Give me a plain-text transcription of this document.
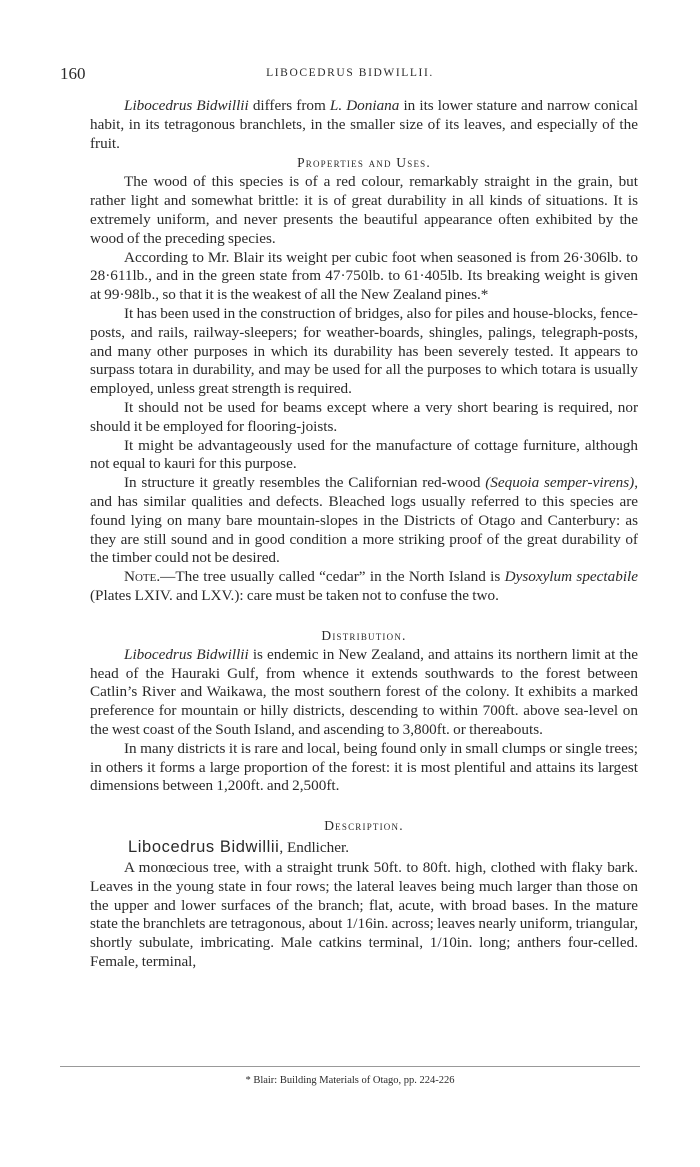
160	LIBOCEDRUS BIDWILLII.

Libocedrus Bidwillii differs from L. Doniana in its lower stature and narrow conical habit, in its tetragonous branchlets, in the smaller size of its leaves, and especially of the fruit.

Properties and Uses.

The wood of this species is of a red colour, remarkably straight in the grain, but rather light and somewhat brittle: it is of great durability in all kinds of situations. It is extremely uniform, and never presents the beautiful appearance often exhibited by the wood of the preceding species.

According to Mr. Blair its weight per cubic foot when seasoned is from 26·306lb. to 28·611lb., and in the green state from 47·750lb. to 61·405lb. Its breaking weight is given at 99·98lb., so that it is the weakest of all the New Zealand pines.*

It has been used in the construction of bridges, also for piles and house-blocks, fence-posts, and rails, railway-sleepers; for weather-boards, shingles, palings, telegraph-posts, and many other purposes in which its durability has been severely tested. It appears to surpass totara in durability, and may be used for all the purposes to which totara is usually employed, unless great strength is required.

It should not be used for beams except where a very short bearing is required, nor should it be employed for flooring-joists.

It might be advantageously used for the manufacture of cottage furniture, although not equal to kauri for this purpose.

In structure it greatly resembles the Californian red-wood (Sequoia semper-virens), and has similar qualities and defects. Bleached logs usually referred to this species are found lying on many bare mountain-slopes in the Districts of Otago and Canterbury: as they are still sound and in good condition a more striking proof of the great durability of the timber could not be desired.

Note.—The tree usually called “cedar” in the North Island is Dysoxylum spectabile (Plates LXIV. and LXV.): care must be taken not to confuse the two.

Distribution.

Libocedrus Bidwillii is endemic in New Zealand, and attains its northern limit at the head of the Hauraki Gulf, from whence it extends southwards to the forest between Catlin’s River and Waikawa, the most southern forest of the colony. It exhibits a marked preference for mountain or hilly districts, descending to within 700ft. above sea-level on the west coast of the South Island, and ascending to 3,800ft. or thereabouts.

In many districts it is rare and local, being found only in small clumps or single trees; in others it forms a large proportion of the forest: it is most plentiful and attains its largest dimensions between 1,200ft. and 2,500ft.

Description.

Libocedrus Bidwillii, Endlicher.

A monœcious tree, with a straight trunk 50ft. to 80ft. high, clothed with flaky bark. Leaves in the young state in four rows; the lateral leaves being much larger than those on the upper and lower surfaces of the branch; flat, acute, with broad bases. In the mature state the branchlets are tetragonous, about 1/16in. across; leaves nearly uniform, triangular, shortly subulate, imbricating. Male catkins terminal, 1/10in. long; anthers four-celled. Female, terminal,

* Blair: Building Materials of Otago, pp. 224-226
